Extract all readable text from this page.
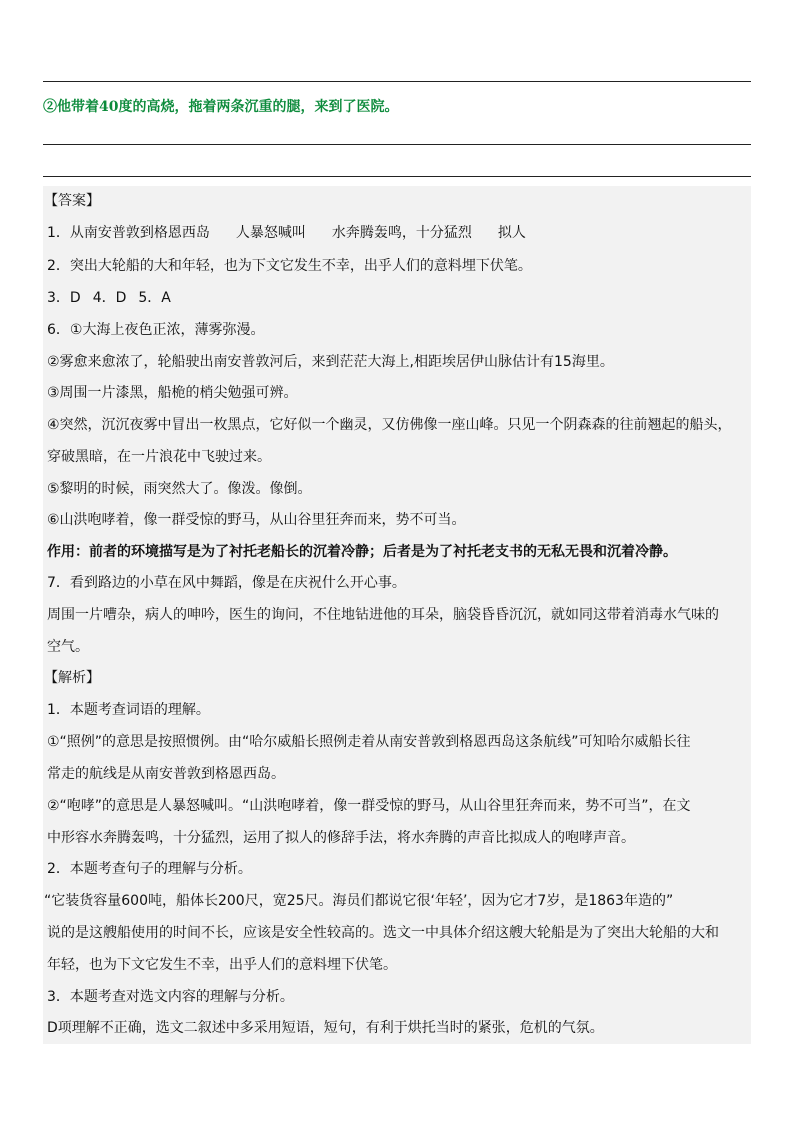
②他带着40度的高烧，拖着两条沉重的腿，来到了医院。
【答案】
1．从南安普敦到格恩西岛 人暴怒喊叫 水奔腾轰鸣，十分猛烈 拟人
2．突出大轮船的大和年轻，也为下文它发生不幸，出乎人们的意料埋下伏笔。
3．D 4．D 5．A
6．①大海上夜色正浓，薄雾弥漫。
②雾愈来愈浓了，轮船驶出南安普敦河后，来到茫茫大海上,相距埃居伊山脉估计有15海里。
③周围一片漆黑，船桅的梢尖勉强可辨。
④突然，沉沉夜雾中冒出一枚黑点，它好似一个幽灵，又仿佛像一座山峰。只见一个阴森森的往前翘起的船头，
穿破黑暗，在一片浪花中飞驶过来。
⑤黎明的时候，雨突然大了。像泼。像倒。
⑥山洪咆哮着，像一群受惊的野马，从山谷里狂奔而来，势不可当。
作用：前者的环境描写是为了衬托老船长的沉着冷静；后者是为了衬托老支书的无私无畏和沉着冷静。
7．看到路边的小草在风中舞蹈，像是在庆祝什么开心事。
周围一片嘈杂，病人的呻吟，医生的询问，不住地钻进他的耳朵，脑袋昏昏沉沉，就如同这带着消毒水气味的
空气。
【解析】
1．本题考查词语的理解。
①“照例”的意思是按照惯例。由“哈尔威船长照例走着从南安普敦到格恩西岛这条航线”可知哈尔威船长往
常走的航线是从南安普敦到格恩西岛。
②“咆哮”的意思是人暴怒喊叫。“山洪咆哮着，像一群受惊的野马，从山谷里狂奔而来，势不可当”，在文
中形容水奔腾轰鸣，十分猛烈，运用了拟人的修辞手法，将水奔腾的声音比拟成人的咆哮声音。
2．本题考查句子的理解与分析。
“它装货容量600吨，船体长200尺，宽25尺。海员们都说它很‘年轻’，因为它才7岁，是1863年造的”
说的是这艘船使用的时间不长，应该是安全性较高的。选文一中具体介绍这艘大轮船是为了突出大轮船的大和
年轻，也为下文它发生不幸，出乎人们的意料埋下伏笔。
3．本题考查对选文内容的理解与分析。
D项理解不正确，选文二叙述中多采用短语，短句，有利于烘托当时的紧张，危机的气氛。
